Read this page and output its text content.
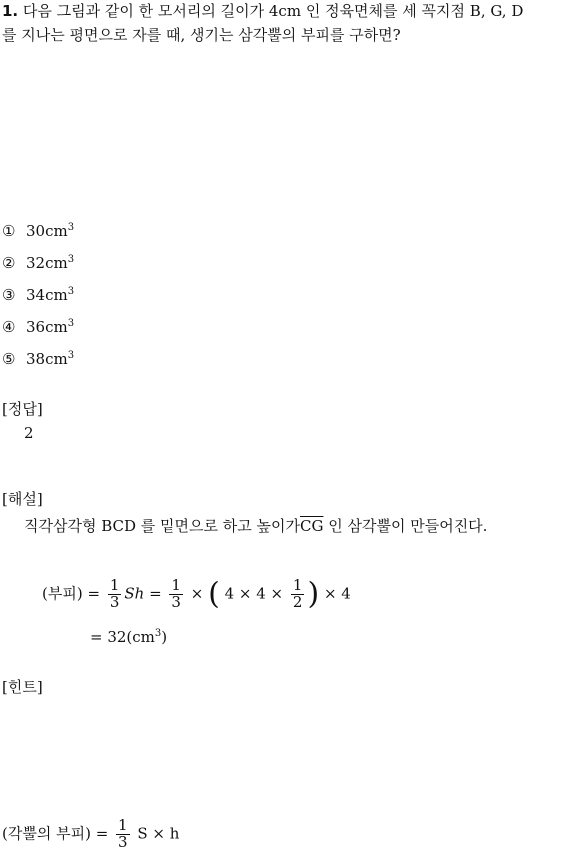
1. 다음 그림과 같이 한 모서리의 길이가 4cm 인 정육면체를 세 꼭지점 B, G, D
를 지나는 평면으로 자를 때, 생기는 삼각뿔의 부피를 구하면?
① $30cm^3$
② $32cm^3$
③ $34cm^3$
④ $36cm^3$
⑤ $38cm^3$
[정답]
2
[해설]
직각삼각형 BCD 를 밑면으로 하고 높이가$\overline{CG}$ 인 삼각뿔이 만들어진다.
(부피) = $\frac{1}{3}$ $Sh = \frac{1}{3}$ × ( $4 \times 4 \times \frac{1}{2}$ ) × 4
= $32(cm^3)$
[힌트]
(각뿔의 부피) = $\frac{1}{3}$ S × h
